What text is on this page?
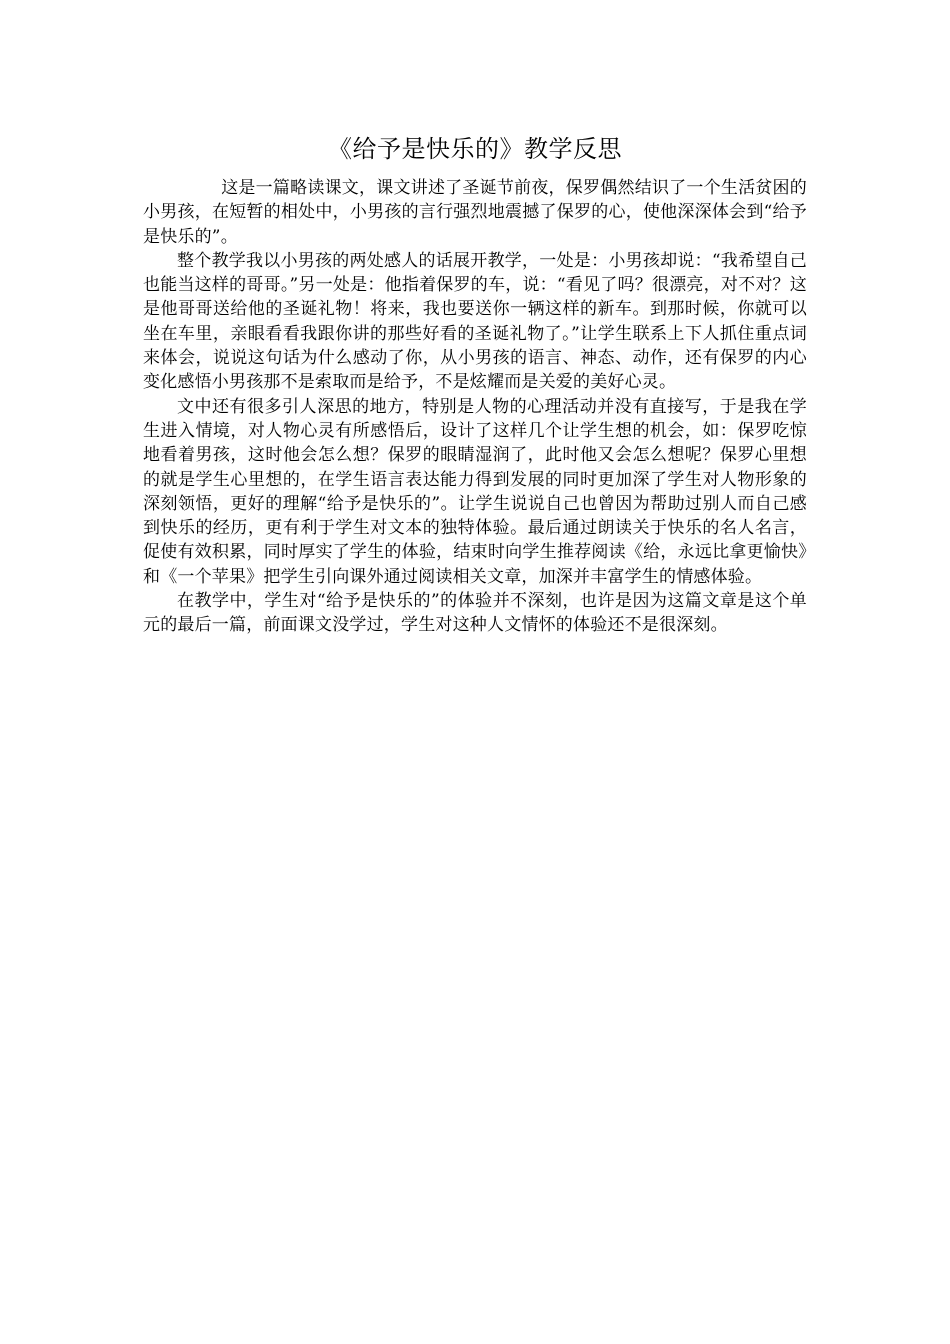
《给予是快乐的》教学反思

这是一篇略读课文，课文讲述了圣诞节前夜，保罗偶然结识了一个生活贫困的小男孩，在短暂的相处中，小男孩的言行强烈地震撼了保罗的心，使他深深体会到“给予是快乐的”。

整个教学我以小男孩的两处感人的话展开教学，一处是：小男孩却说：“我希望自己也能当这样的哥哥。”另一处是：他指着保罗的车，说：“看见了吗？很漂亮，对不对？这是他哥哥送给他的圣诞礼物！将来，我也要送你一辆这样的新车。到那时候，你就可以坐在车里，亲眼看看我跟你讲的那些好看的圣诞礼物了。”让学生联系上下人抓住重点词来体会，说说这句话为什么感动了你，从小男孩的语言、神态、动作，还有保罗的内心变化感悟小男孩那不是索取而是给予，不是炫耀而是关爱的美好心灵。

文中还有很多引人深思的地方，特别是人物的心理活动并没有直接写，于是我在学生进入情境，对人物心灵有所感悟后，设计了这样几个让学生想的机会，如：保罗吃惊地看着男孩，这时他会怎么想？保罗的眼睛湿润了，此时他又会怎么想呢？保罗心里想的就是学生心里想的，在学生语言表达能力得到发展的同时更加深了学生对人物形象的深刻领悟，更好的理解“给予是快乐的”。让学生说说自己也曾因为帮助过别人而自己感到快乐的经历，更有利于学生对文本的独特体验。最后通过朗读关于快乐的名人名言，促使有效积累，同时厚实了学生的体验，结束时向学生推荐阅读《给，永远比拿更愉快》和《一个苹果》把学生引向课外通过阅读相关文章，加深并丰富学生的情感体验。

在教学中，学生对“给予是快乐的”的体验并不深刻，也许是因为这篇文章是这个单元的最后一篇，前面课文没学过，学生对这种人文情怀的体验还不是很深刻。
